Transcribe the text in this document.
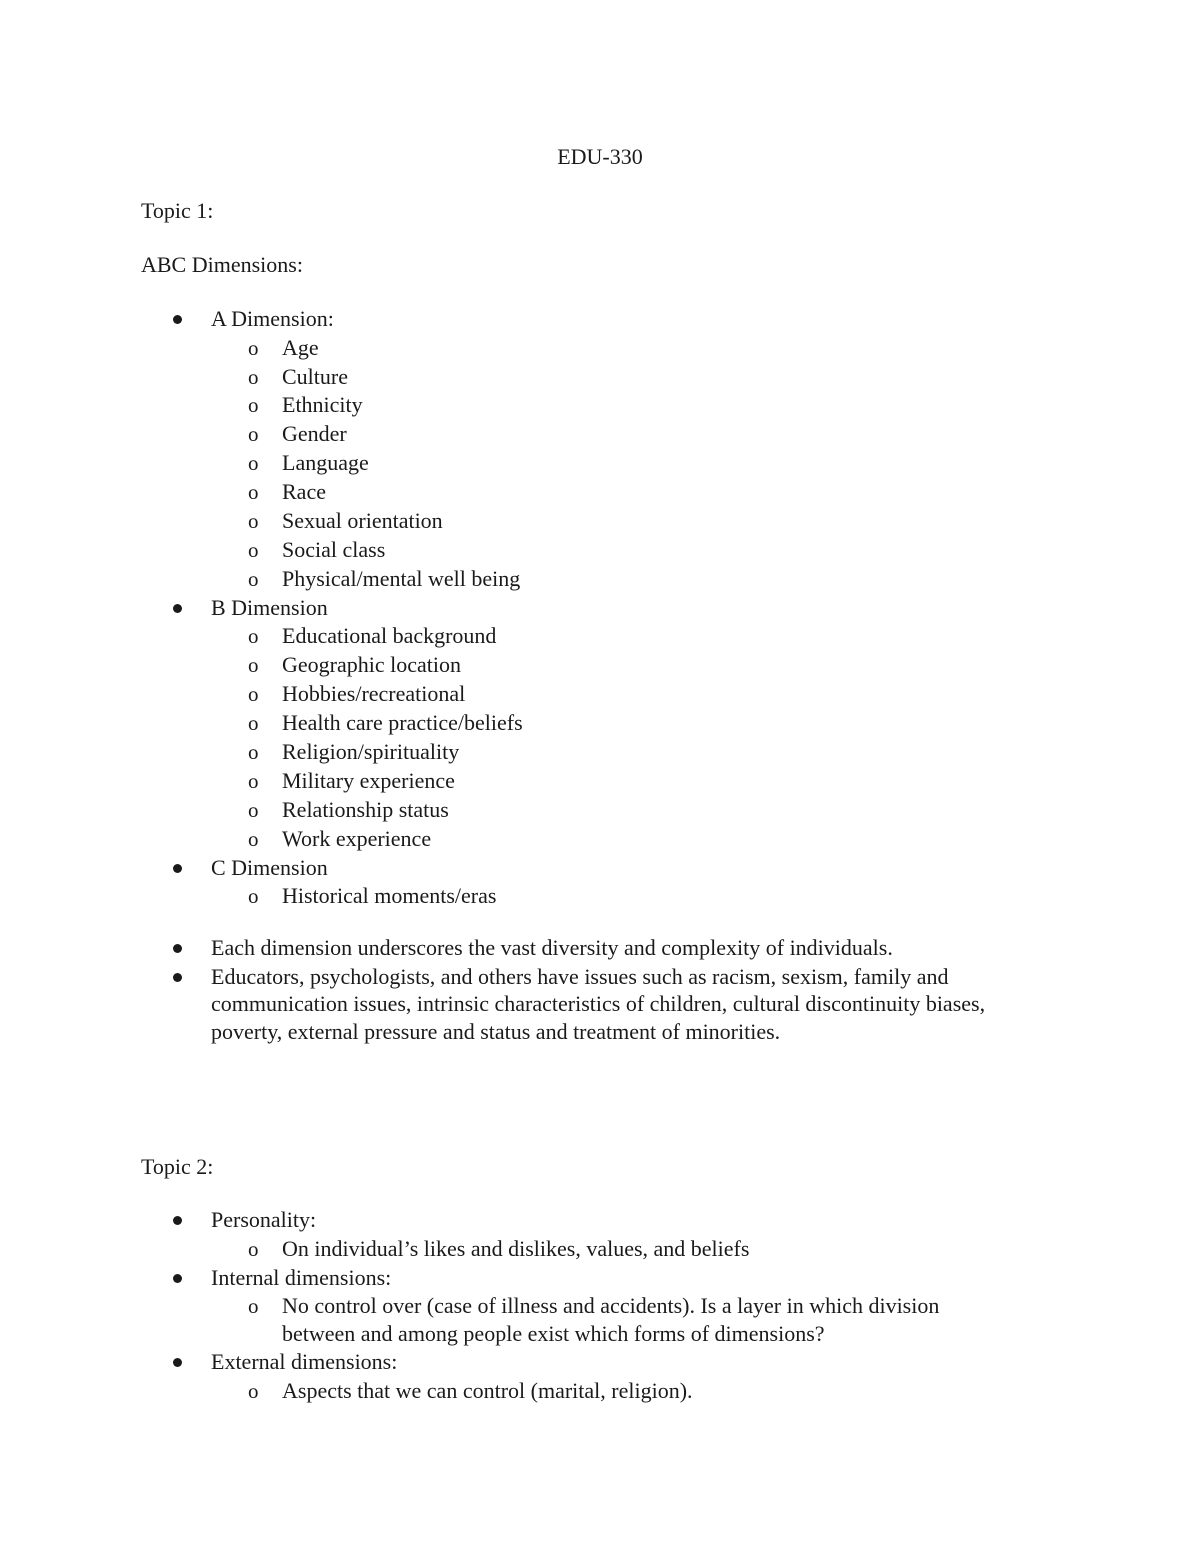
EDU-330
Topic 1:
ABC Dimensions:
A Dimension:
o Age
o Culture
o Ethnicity
o Gender
o Language
o Race
o Sexual orientation
o Social class
o Physical/mental well being
B Dimension
o Educational background
o Geographic location
o Hobbies/recreational
o Health care practice/beliefs
o Religion/spirituality
o Military experience
o Relationship status
o Work experience
C Dimension
o Historical moments/eras
Each dimension underscores the vast diversity and complexity of individuals.
Educators, psychologists, and others have issues such as racism, sexism, family and communication issues, intrinsic characteristics of children, cultural discontinuity biases, poverty, external pressure and status and treatment of minorities.
Topic 2:
Personality:
o On individual’s likes and dislikes, values, and beliefs
Internal dimensions:
o No control over (case of illness and accidents). Is a layer in which division between and among people exist which forms of dimensions?
External dimensions:
o Aspects that we can control (marital, religion).
